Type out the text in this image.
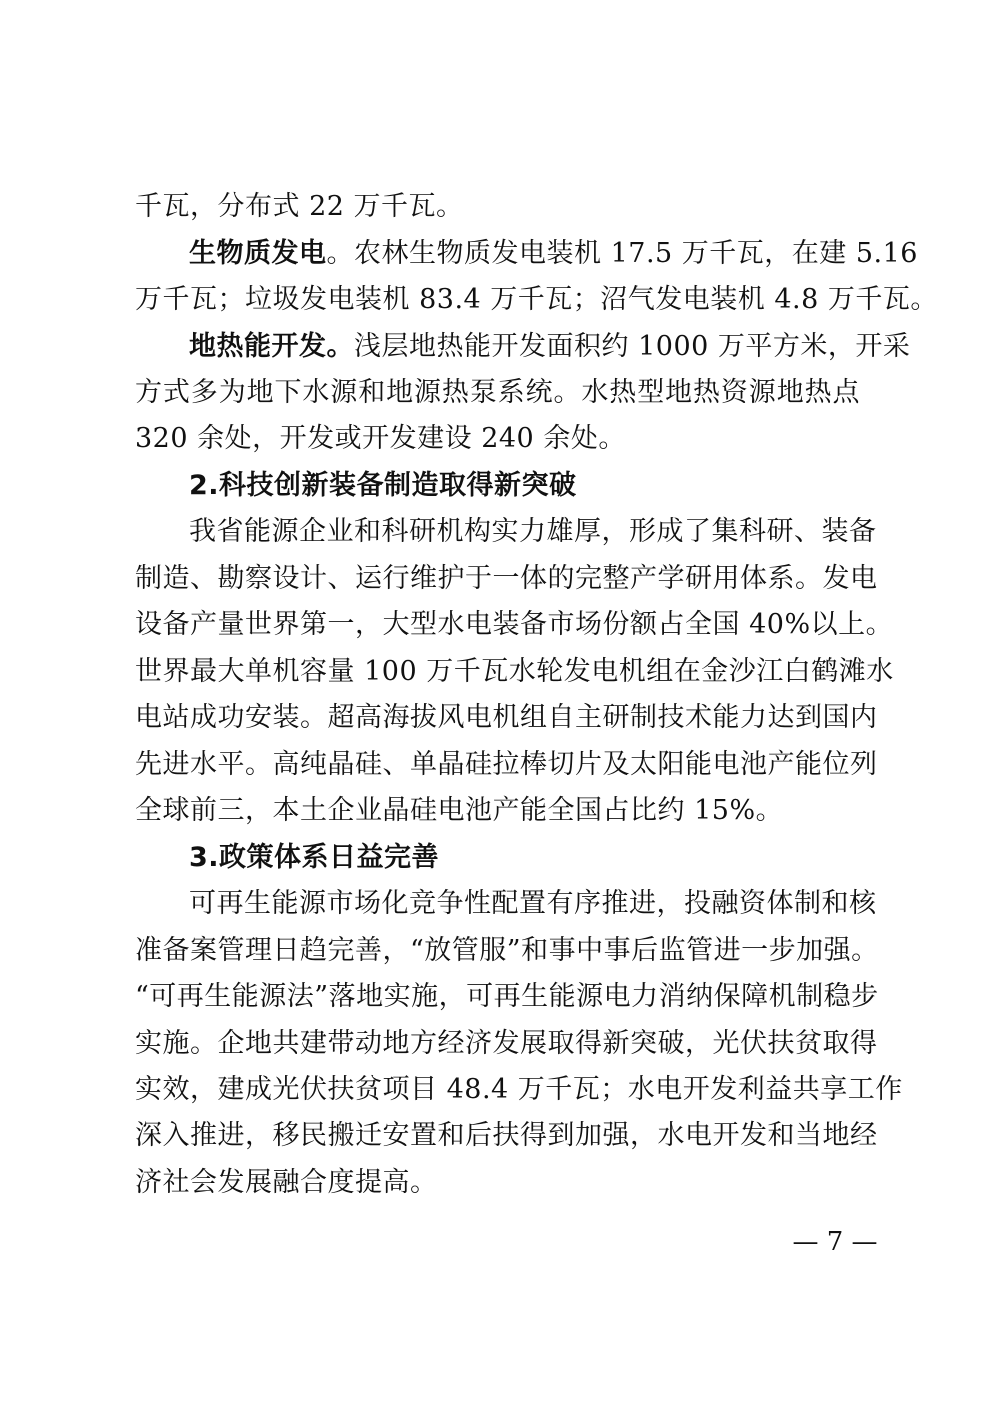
千瓦，分布式 22 万千瓦。
生物质发电。农林生物质发电装机 17.5 万千瓦，在建 5.16
万千瓦；垃圾发电装机 83.4 万千瓦；沼气发电装机 4.8 万千瓦。
地热能开发。浅层地热能开发面积约 1000 万平方米，开采
方式多为地下水源和地源热泵系统。水热型地热资源地热点
320 余处，开发或开发建设 240 余处。
2.科技创新装备制造取得新突破
我省能源企业和科研机构实力雄厚，形成了集科研、装备
制造、勘察设计、运行维护于一体的完整产学研用体系。发电
设备产量世界第一，大型水电装备市场份额占全国 40%以上。
世界最大单机容量 100 万千瓦水轮发电机组在金沙江白鹤滩水
电站成功安装。超高海拔风电机组自主研制技术能力达到国内
先进水平。高纯晶硅、单晶硅拉棒切片及太阳能电池产能位列
全球前三，本土企业晶硅电池产能全国占比约 15%。
3.政策体系日益完善
可再生能源市场化竞争性配置有序推进，投融资体制和核
准备案管理日趋完善，“放管服”和事中事后监管进一步加强。
“可再生能源法”落地实施，可再生能源电力消纳保障机制稳步
实施。企地共建带动地方经济发展取得新突破，光伏扶贫取得
实效，建成光伏扶贫项目 48.4 万千瓦；水电开发利益共享工作
深入推进，移民搬迁安置和后扶得到加强，水电开发和当地经
济社会发展融合度提高。
— 7 —
